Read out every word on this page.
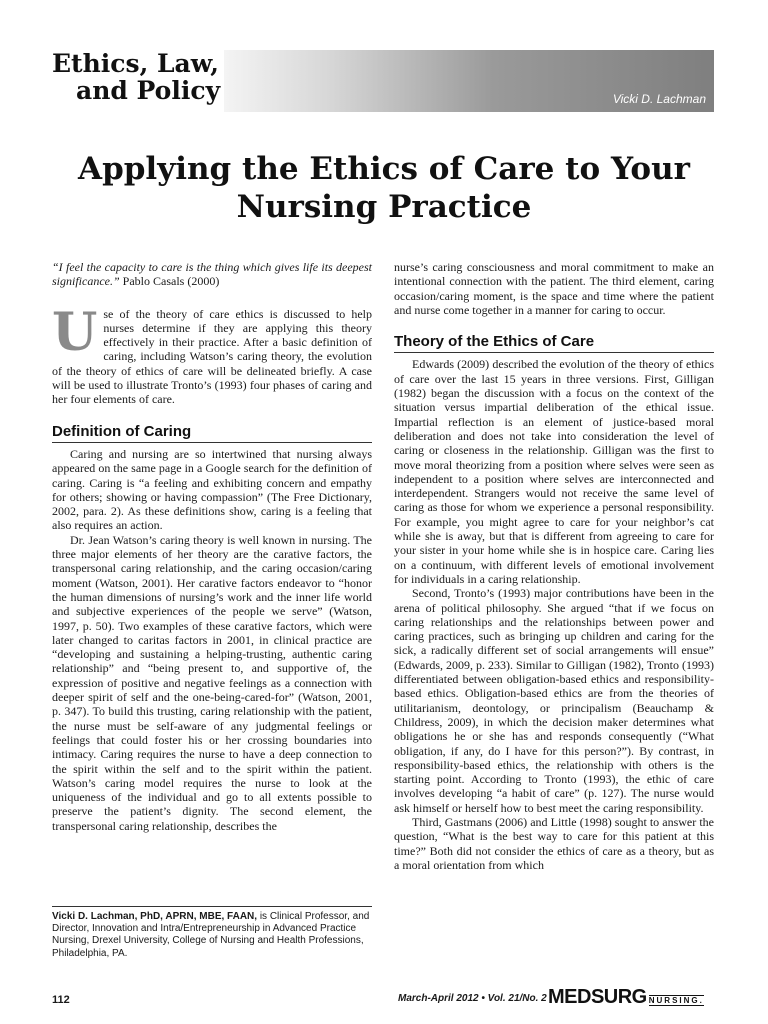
Ethics, Law,
and Policy	Vicki D. Lachman
Applying the Ethics of Care to Your Nursing Practice

“I feel the capacity to care is the thing which gives life its deepest significance.” Pablo Casals (2000)

Use of the theory of care ethics is discussed to help nurses determine if they are applying this theory effectively in their practice. After a basic definition of caring, including Watson’s caring theory, the evolution of the theory of ethics of care will be delineated briefly. A case will be used to illustrate Tronto’s (1993) four phases of caring and her four elements of care.

Definition of Caring

Caring and nursing are so intertwined that nursing always appeared on the same page in a Google search for the definition of caring. Caring is “a feeling and exhibiting concern and empathy for others; showing or having compassion” (The Free Dictionary, 2002, para. 2). As these definitions show, caring is a feeling that also requires an action.

Dr. Jean Watson’s caring theory is well known in nursing. The three major elements of her theory are the carative factors, the transpersonal caring relationship, and the caring occasion/caring moment (Watson, 2001). Her carative factors endeavor to “honor the human dimensions of nursing’s work and the inner life world and subjective experiences of the people we serve” (Watson, 1997, p. 50). Two examples of these carative factors, which were later changed to caritas factors in 2001, in clinical practice are “developing and sustaining a helping-trusting, authentic caring relationship” and “being present to, and supportive of, the expression of positive and negative feelings as a connection with deeper spirit of self and the one-being-cared-for” (Watson, 2001, p. 347). To build this trusting, caring relationship with the patient, the nurse must be self-aware of any judgmental feelings or feelings that could foster his or her crossing boundaries into intimacy. Caring requires the nurse to have a deep connection to the spirit within the self and to the spirit within the patient. Watson’s caring model requires the nurse to look at the uniqueness of the individual and go to all extents possible to preserve the patient’s dignity. The second element, the transpersonal caring relationship, describes the

nurse’s caring consciousness and moral commitment to make an intentional connection with the patient. The third element, caring occasion/caring moment, is the space and time where the patient and nurse come together in a manner for caring to occur.

Theory of the Ethics of Care

Edwards (2009) described the evolution of the theory of ethics of care over the last 15 years in three versions. First, Gilligan (1982) began the discussion with a focus on the context of the situation versus impartial deliberation of the ethical issue. Impartial reflection is an element of justice-based moral deliberation and does not take into consideration the level of caring or closeness in the relationship. Gilligan was the first to move moral theorizing from a position where selves were seen as independent to a position where selves are interconnected and interdependent. Strangers would not receive the same level of caring as those for whom we experience a personal responsibility. For example, you might agree to care for your neighbor’s cat while she is away, but that is different from agreeing to care for your sister in your home while she is in hospice care. Caring lies on a continuum, with different levels of emotional involvement for individuals in a caring relationship.

Second, Tronto’s (1993) major contributions have been in the arena of political philosophy. She argued “that if we focus on caring relationships and the relationships between power and caring practices, such as bringing up children and caring for the sick, a radically different set of social arrangements will ensue” (Edwards, 2009, p. 233). Similar to Gilligan (1982), Tronto (1993) differentiated between obligation-based ethics and responsibility-based ethics. Obligation-based ethics are from the theories of utilitarianism, deontology, or principalism (Beauchamp & Childress, 2009), in which the decision maker determines what obligations he or she has and responds consequently (“What obligation, if any, do I have for this person?”). By contrast, in responsibility-based ethics, the relationship with others is the starting point. According to Tronto (1993), the ethic of care involves developing “a habit of care” (p. 127). The nurse would ask himself or herself how to best meet the caring responsibility.

Third, Gastmans (2006) and Little (1998) sought to answer the question, “What is the best way to care for this patient at this time?” Both did not consider the ethics of care as a theory, but as a moral orientation from which

Vicki D. Lachman, PhD, APRN, MBE, FAAN, is Clinical Professor, and Director, Innovation and Intra/Entrepreneurship in Advanced Practice Nursing, Drexel University, College of Nursing and Health Professions, Philadelphia, PA.
112	March-April 2012 • Vol. 21/No. 2 MEDSURG NURSING.
